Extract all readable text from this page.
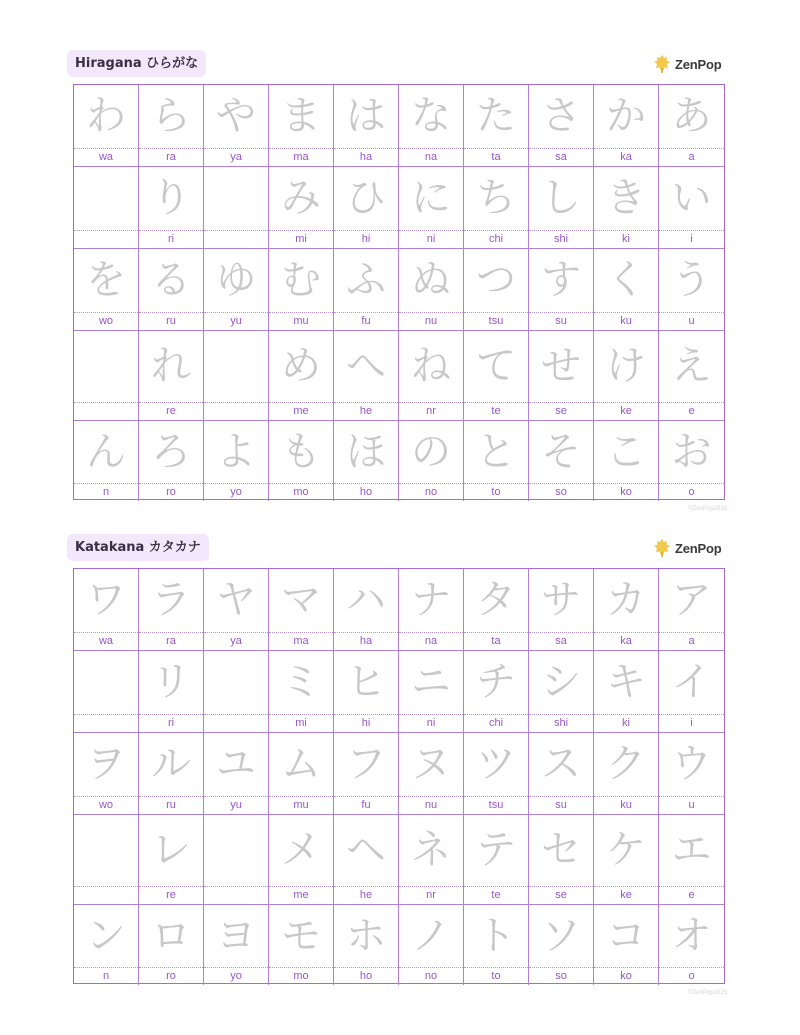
Hiragana ひらがな	ZenPop
わ
wa
ら
ra
や
ya
ま
ma
は
ha
な
na
た
ta
さ
sa
か
ka
あ
a
り
ri
み
mi
ひ
hi
に
ni
ち
chi
し
shi
き
ki
い
i
を
wo
る
ru
ゆ
yu
む
mu
ふ
fu
ぬ
nu
つ
tsu
す
su
く
ku
う
u
れ
re
め
me
へ
he
ね
nr
て
te
せ
se
け
ke
え
e
ん
n
ろ
ro
よ
yo
も
mo
ほ
ho
の
no
と
to
そ
so
こ
ko
お
o
©ZenPop2025
Katakana カタカナ	ZenPop
ワ
wa
ラ
ra
ヤ
ya
マ
ma
ハ
ha
ナ
na
タ
ta
サ
sa
カ
ka
ア
a
リ
ri
ミ
mi
ヒ
hi
ニ
ni
チ
chi
シ
shi
キ
ki
イ
i
ヲ
wo
ル
ru
ユ
yu
ム
mu
フ
fu
ヌ
nu
ツ
tsu
ス
su
ク
ku
ウ
u
レ
re
メ
me
ヘ
he
ネ
nr
テ
te
セ
se
ケ
ke
エ
e
ン
n
ロ
ro
ヨ
yo
モ
mo
ホ
ho
ノ
no
ト
to
ソ
so
コ
ko
オ
o
©ZenPop2025
